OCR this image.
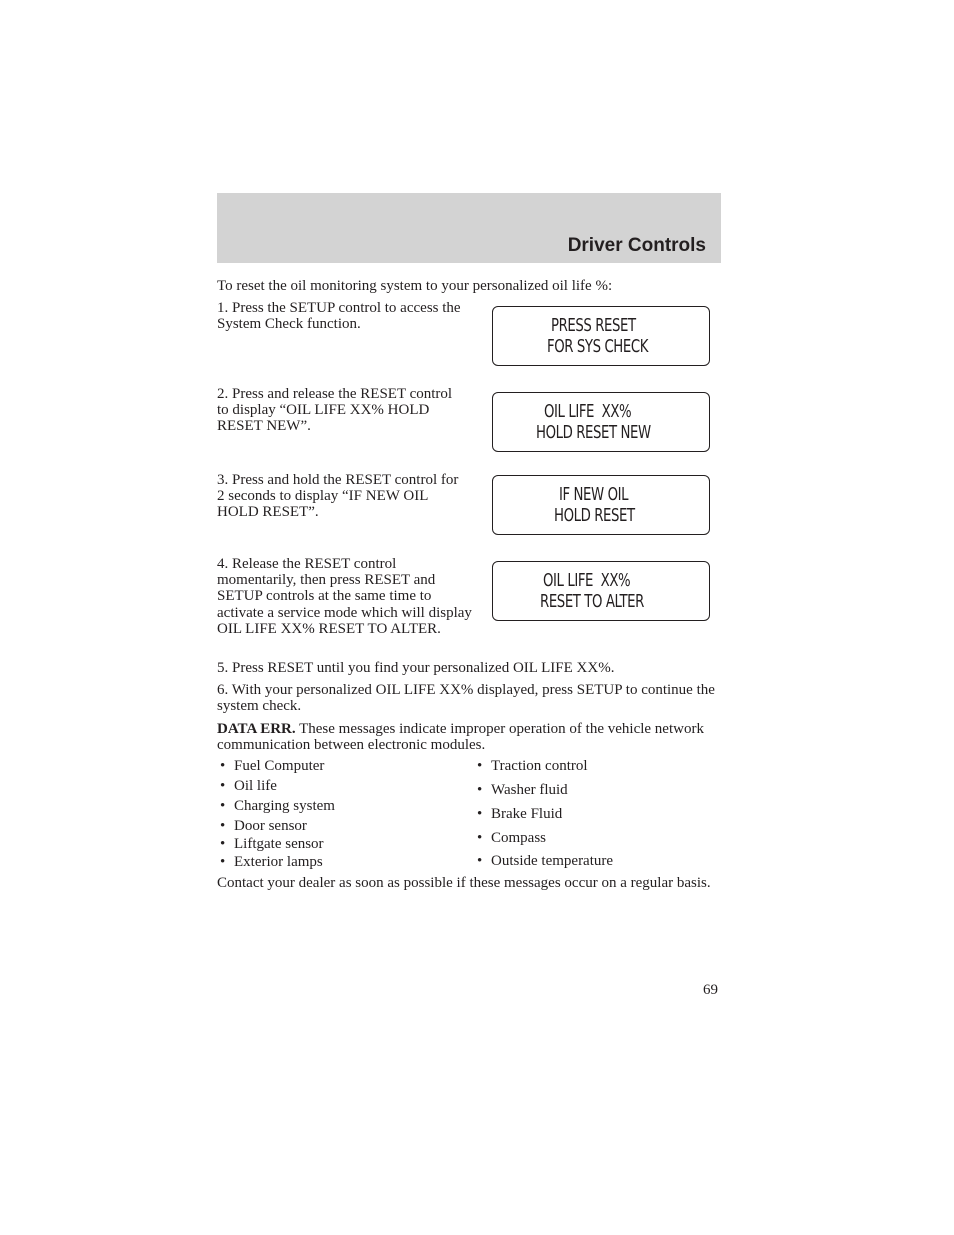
Driver Controls
To reset the oil monitoring system to your personalized oil life %:
1. Press the SETUP control to access the System Check function.	PRESS RESET
FOR SYS CHECK
2. Press and release the RESET control to display “OIL LIFE XX% HOLD RESET NEW”.
OIL LIFE  XX%
HOLD RESET NEW
3. Press and hold the RESET control for 2 seconds to display “IF NEW OIL HOLD RESET”.
IF NEW OIL
HOLD RESET
4. Release the RESET control momentarily, then press RESET and SETUP controls at the same time to activate a service mode which will display OIL LIFE XX% RESET TO ALTER.
OIL LIFE  XX%
RESET TO ALTER
5. Press RESET until you find your personalized OIL LIFE XX%.
6. With your personalized OIL LIFE XX% displayed, press SETUP to continue the system check.
DATA ERR. These messages indicate improper operation of the vehicle network communication between electronic modules.
• Fuel Computer
• Oil life
• Charging system
• Door sensor
• Liftgate sensor
• Exterior lamps
• Traction control
• Washer fluid
• Brake Fluid
• Compass
• Outside temperature
Contact your dealer as soon as possible if these messages occur on a regular basis.
69
